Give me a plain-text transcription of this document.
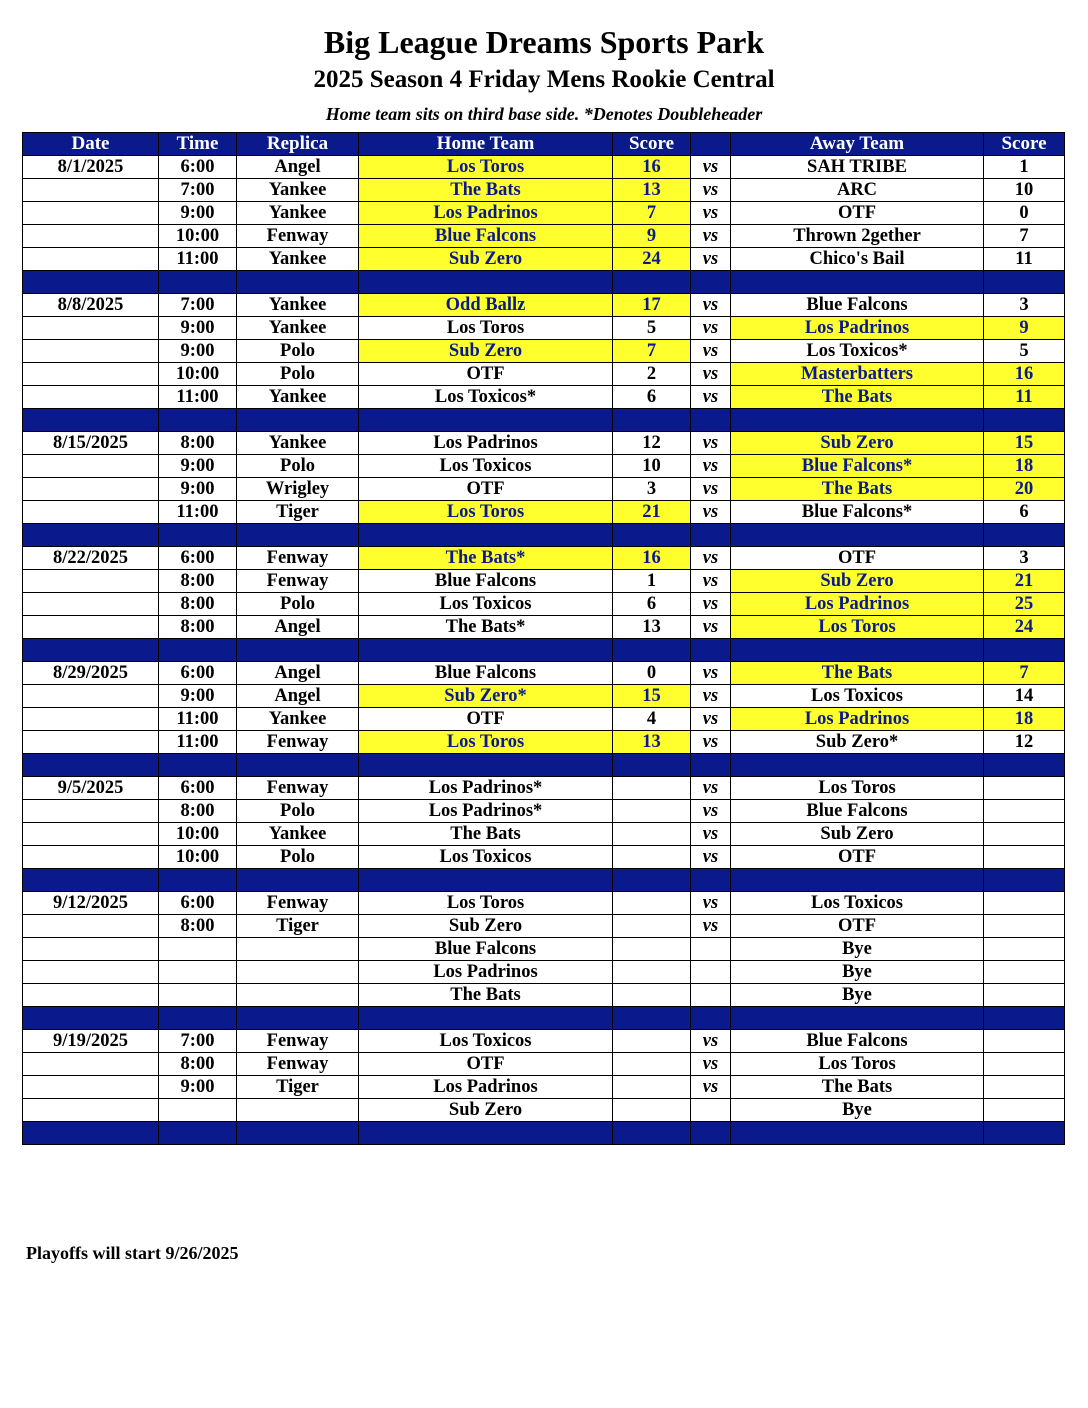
Big League Dreams Sports Park
2025 Season 4 Friday Mens Rookie Central
Home team sits on third base side. *Denotes Doubleheader
Date	Time	Replica	Home Team	Score		Away Team	Score
8/1/2025	6:00	Angel	Los Toros	16	vs	SAH TRIBE	1
	7:00	Yankee	The Bats	13	vs	ARC	10
	9:00	Yankee	Los Padrinos	7	vs	OTF	0
	10:00	Fenway	Blue Falcons	9	vs	Thrown 2gether	7
	11:00	Yankee	Sub Zero	24	vs	Chico's Bail	11

8/8/2025	7:00	Yankee	Odd Ballz	17	vs	Blue Falcons	3
	9:00	Yankee	Los Toros	5	vs	Los Padrinos	9
	9:00	Polo	Sub Zero	7	vs	Los Toxicos*	5
	10:00	Polo	OTF	2	vs	Masterbatters	16
	11:00	Yankee	Los Toxicos*	6	vs	The Bats	11

8/15/2025	8:00	Yankee	Los Padrinos	12	vs	Sub Zero	15
	9:00	Polo	Los Toxicos	10	vs	Blue Falcons*	18
	9:00	Wrigley	OTF	3	vs	The Bats	20
	11:00	Tiger	Los Toros	21	vs	Blue Falcons*	6

8/22/2025	6:00	Fenway	The Bats*	16	vs	OTF	3
	8:00	Fenway	Blue Falcons	1	vs	Sub Zero	21
	8:00	Polo	Los Toxicos	6	vs	Los Padrinos	25
	8:00	Angel	The Bats*	13	vs	Los Toros	24

8/29/2025	6:00	Angel	Blue Falcons	0	vs	The Bats	7
	9:00	Angel	Sub Zero*	15	vs	Los Toxicos	14
	11:00	Yankee	OTF	4	vs	Los Padrinos	18
	11:00	Fenway	Los Toros	13	vs	Sub Zero*	12

9/5/2025	6:00	Fenway	Los Padrinos*		vs	Los Toros	
	8:00	Polo	Los Padrinos*		vs	Blue Falcons	
	10:00	Yankee	The Bats		vs	Sub Zero	
	10:00	Polo	Los Toxicos		vs	OTF	

9/12/2025	6:00	Fenway	Los Toros		vs	Los Toxicos	
	8:00	Tiger	Sub Zero		vs	OTF	
			Blue Falcons			Bye	
			Los Padrinos			Bye	
			The Bats			Bye	

9/19/2025	7:00	Fenway	Los Toxicos		vs	Blue Falcons	
	8:00	Fenway	OTF		vs	Los Toros	
	9:00	Tiger	Los Padrinos		vs	The Bats	
			Sub Zero			Bye	

Playoffs will start 9/26/2025
